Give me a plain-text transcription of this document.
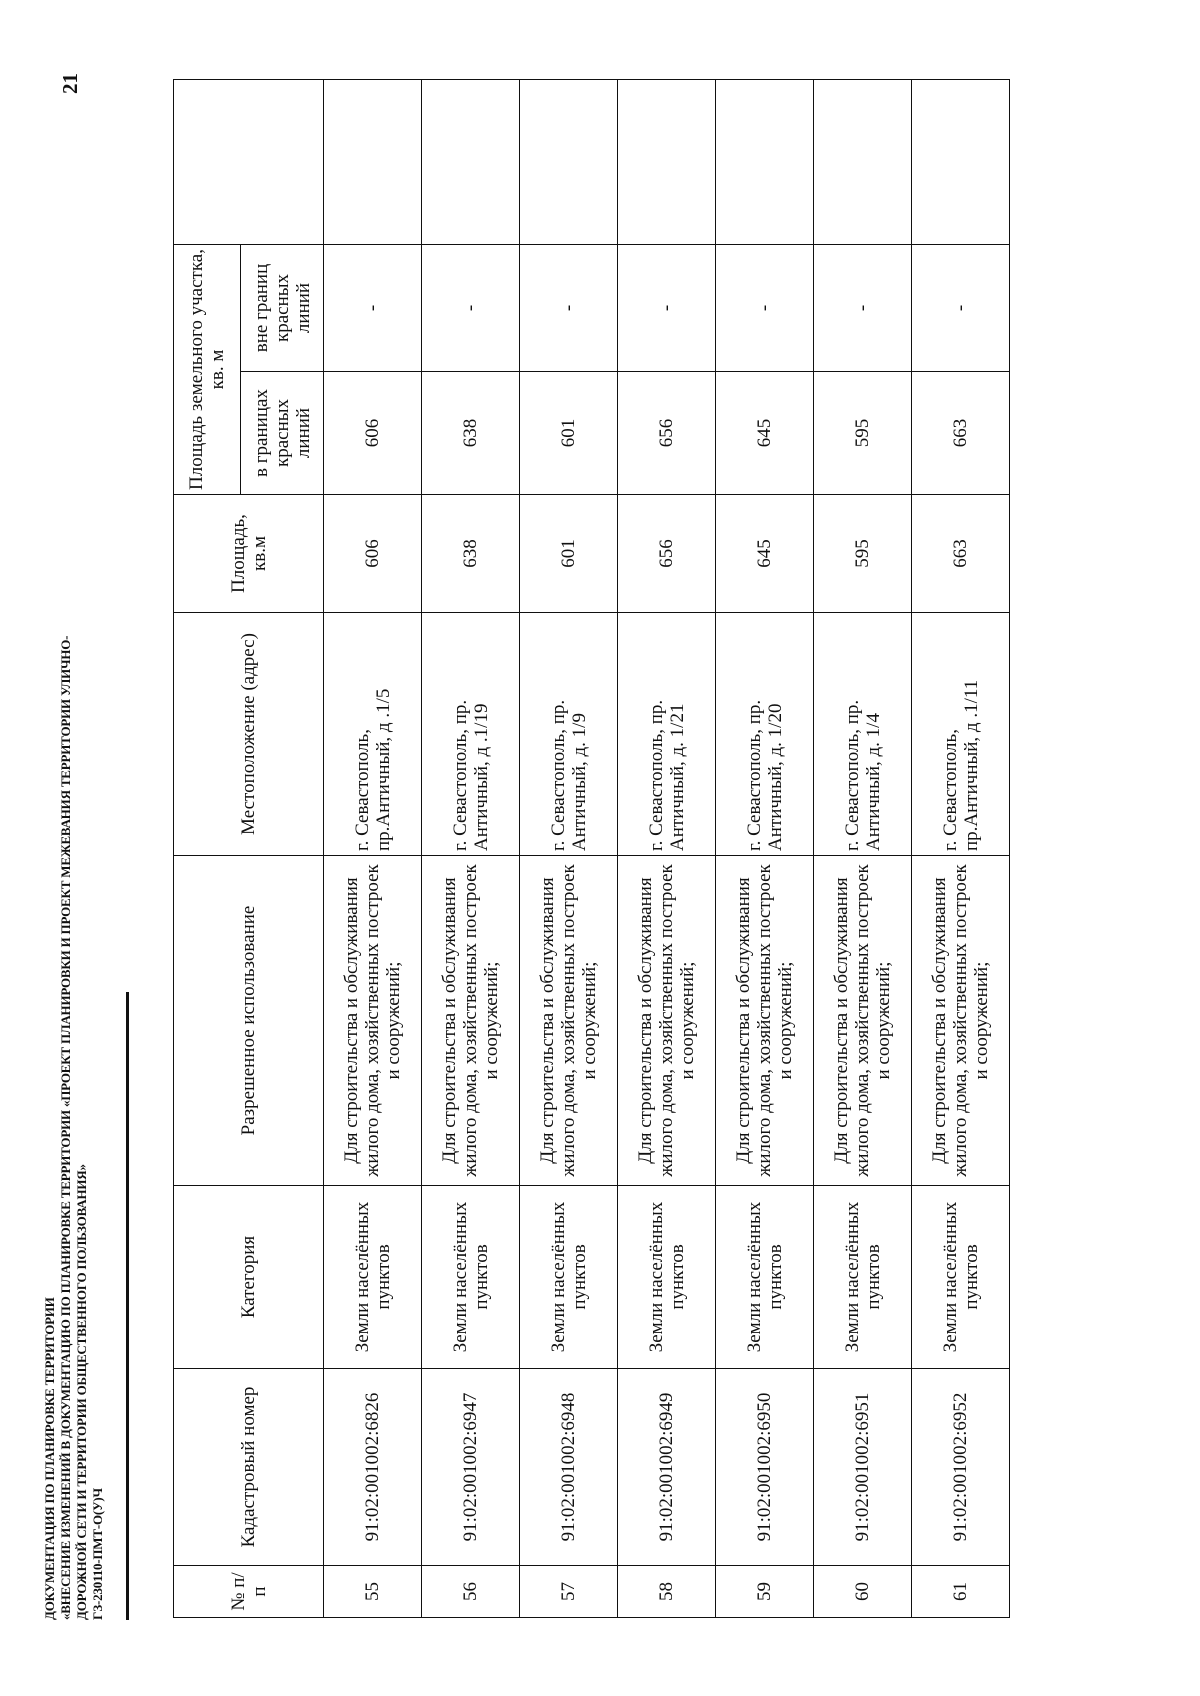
ДОКУМЕНТАЦИЯ ПО ПЛАНИРОВКЕ ТЕРРИТОРИИ «ВНЕСЕНИЕ ИЗМЕНЕНИЙ В ДОКУМЕНТАЦИЮ ПО ПЛАНИРОВКЕ ТЕРРИТОРИИ «ПРОЕКТ ПЛАНИРОВКИ И ПРОЕКТ МЕЖЕВАНИЯ ТЕРРИТОРИИ УЛИЧНО- ДОРОЖНОЙ СЕТИ И ТЕРРИТОРИИ ОБЩЕСТВЕННОГО ПОЛЬЗОВАНИЯ» ГЗ-230110-ПМТ-О(У)Ч
21
№ п/п	Кадастровый номер	Категория	Разрешенное использование	Местоположение (адрес)	Площадь, кв.м	Площадь земельного участка, кв. м		
						в границах красных линий	вне границ красных линий	
55	91:02:001002:6826	Земли населённых пунктов	Для строительства и обслуживания жилого дома, хозяйственных построек и сооружений;	г. Севастополь, пр.Античный, д .1/5	606	606	-	
56	91:02:001002:6947	Земли населённых пунктов	Для строительства и обслуживания жилого дома, хозяйственных построек и сооружений;	г. Севастополь, пр. Античный, д .1/19	638	638	-	
57	91:02:001002:6948	Земли населённых пунктов	Для строительства и обслуживания жилого дома, хозяйственных построек и сооружений;	г. Севастополь, пр. Античный, д. 1/9	601	601	-	
58	91:02:001002:6949	Земли населённых пунктов	Для строительства и обслуживания жилого дома, хозяйственных построек и сооружений;	г. Севастополь, пр. Античный, д. 1/21	656	656	-	
59	91:02:001002:6950	Земли населённых пунктов	Для строительства и обслуживания жилого дома, хозяйственных построек и сооружений;	г. Севастополь, пр. Античный, д. 1/20	645	645	-	
60	91:02:001002:6951	Земли населённых пунктов	Для строительства и обслуживания жилого дома, хозяйственных построек и сооружений;	г. Севастополь, пр. Античный, д. 1/4	595	595	-	
61	91:02:001002:6952	Земли населённых пунктов	Для строительства и обслуживания жилого дома, хозяйственных построек и сооружений;	г. Севастополь, пр.Античный, д .1/11	663	663	-	
